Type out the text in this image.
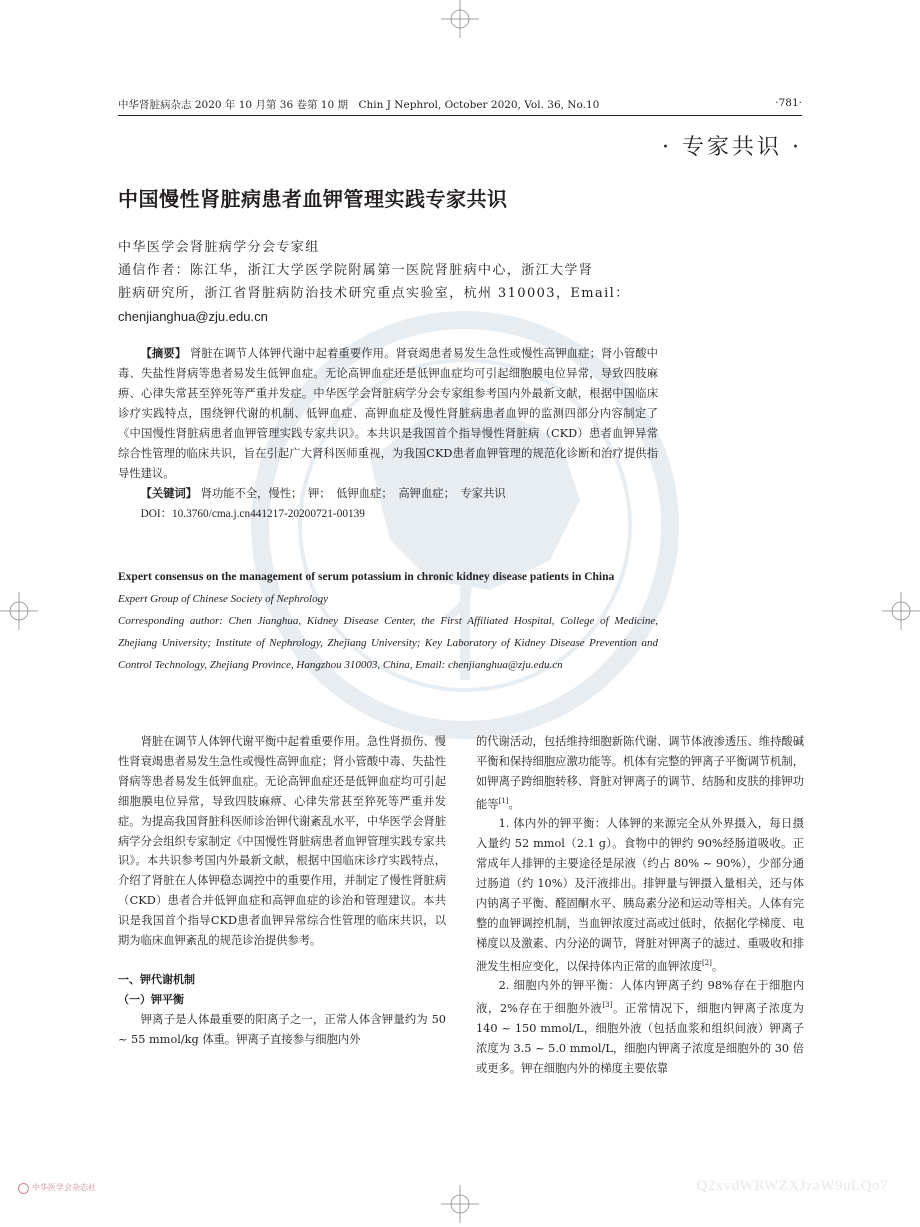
中华肾脏病杂志 2020 年 10 月第 36 卷第 10 期　Chin J Nephrol, October 2020, Vol. 36, No.10	·781·
· 专家共识 ·
中国慢性肾脏病患者血钾管理实践专家共识
中华医学会肾脏病学分会专家组
通信作者：陈江华，浙江大学医学院附属第一医院肾脏病中心，浙江大学肾
脏病研究所，浙江省肾脏病防治技术研究重点实验室，杭州 310003，Email：
chenjianghua@zju.edu.cn
【摘要】 肾脏在调节人体钾代谢中起着重要作用。肾衰竭患者易发生急性或慢性高钾血症；肾小管酸中毒、失盐性肾病等患者易发生低钾血症。无论高钾血症还是低钾血症均可引起细胞膜电位异常，导致四肢麻痹、心律失常甚至猝死等严重并发症。中华医学会肾脏病学分会专家组参考国内外最新文献，根据中国临床诊疗实践特点，围绕钾代谢的机制、低钾血症、高钾血症及慢性肾脏病患者血钾的监测四部分内容制定了《中国慢性肾脏病患者血钾管理实践专家共识》。本共识是我国首个指导慢性肾脏病（CKD）患者血钾异常综合性管理的临床共识，旨在引起广大肾科医师重视，为我国CKD患者血钾管理的规范化诊断和治疗提供指导性建议。
【关键词】 肾功能不全，慢性；　钾；　低钾血症；　高钾血症；　专家共识
DOI：10.3760/cma.j.cn441217-20200721-00139
Expert consensus on the management of serum potassium in chronic kidney disease patients in China
Expert Group of Chinese Society of Nephrology
Corresponding author: Chen Jianghua, Kidney Disease Center, the First Affiliated Hospital, College of Medicine, Zhejiang University; Institute of Nephrology, Zhejiang University; Key Laboratory of Kidney Disease Prevention and Control Technology, Zhejiang Province, Hangzhou 310003, China, Email: chenjianghua@zju.edu.cn

肾脏在调节人体钾代谢平衡中起着重要作用。急性肾损伤、慢性肾衰竭患者易发生急性或慢性高钾血症；肾小管酸中毒、失盐性肾病等患者易发生低钾血症。无论高钾血症还是低钾血症均可引起细胞膜电位异常，导致四肢麻痹、心律失常甚至猝死等严重并发症。为提高我国肾脏科医师诊治钾代谢紊乱水平，中华医学会肾脏病学分会组织专家制定《中国慢性肾脏病患者血钾管理实践专家共识》。本共识参考国内外最新文献，根据中国临床诊疗实践特点，介绍了肾脏在人体钾稳态调控中的重要作用，并制定了慢性肾脏病（CKD）患者合并低钾血症和高钾血症的诊治和管理建议。本共识是我国首个指导CKD患者血钾异常综合性管理的临床共识，以期为临床血钾紊乱的规范诊治提供参考。

一、钾代谢机制
（一）钾平衡

钾离子是人体最重要的阳离子之一，正常人体含钾量约为 50 ~ 55 mmol/kg 体重。钾离子直接参与细胞内外

的代谢活动，包括维持细胞新陈代谢、调节体液渗透压、维持酸碱平衡和保持细胞应激功能等。机体有完整的钾离子平衡调节机制，如钾离子跨细胞转移、肾脏对钾离子的调节、结肠和皮肤的排钾功能等[1]。

1. 体内外的钾平衡：人体钾的来源完全从外界摄入，每日摄入量约 52 mmol（2.1 g）。食物中的钾约 90%经肠道吸收。正常成年人排钾的主要途径是尿液（约占 80% ~ 90%），少部分通过肠道（约 10%）及汗液排出。排钾量与钾摄入量相关，还与体内钠离子平衡、醛固酮水平、胰岛素分泌和运动等相关。人体有完整的血钾调控机制，当血钾浓度过高或过低时，依据化学梯度、电梯度以及激素、内分泌的调节，肾脏对钾离子的滤过、重吸收和排泄发生相应变化，以保持体内正常的血钾浓度[2]。

2. 细胞内外的钾平衡：人体内钾离子约 98%存在于细胞内液，2%存在于细胞外液[3]。正常情况下，细胞内钾离子浓度为 140 ~ 150 mmol/L，细胞外液（包括血浆和组织间液）钾离子浓度为 3.5 ~ 5.0 mmol/L，细胞内钾离子浓度是细胞外的 30 倍或更多。钾在细胞内外的梯度主要依靠

中华医学会杂志社	Q2xvdWRWZXJzaW9uLQo7
